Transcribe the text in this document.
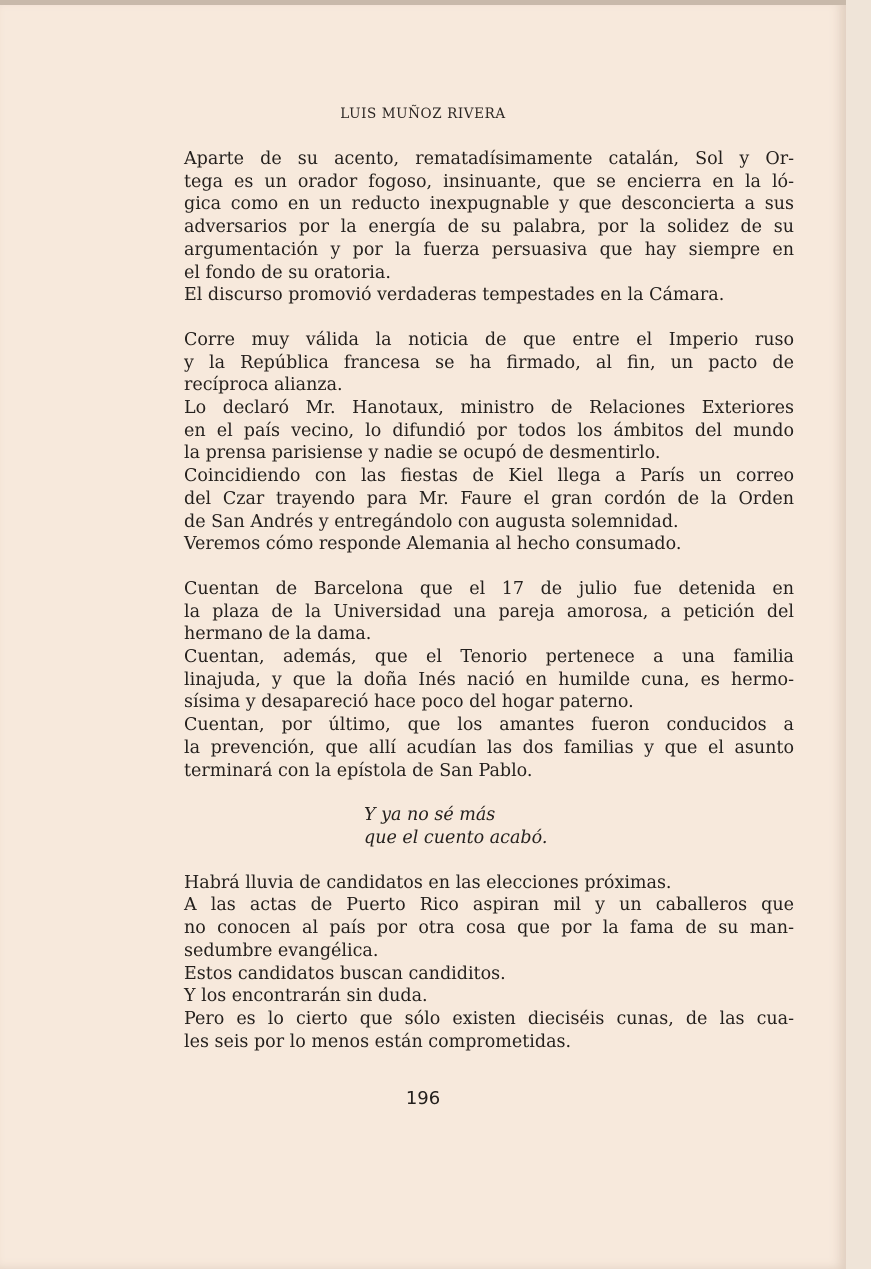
LUIS MUÑOZ RIVERA
Aparte de su acento, rematadísimamente catalán, Sol y Or-
tega es un orador fogoso, insinuante, que se encierra en la ló-
gica como en un reducto inexpugnable y que desconcierta a sus
adversarios por la energía de su palabra, por la solidez de su
argumentación y por la fuerza persuasiva que hay siempre en
el fondo de su oratoria.
El discurso promovió verdaderas tempestades en la Cámara.
Corre muy válida la noticia de que entre el Imperio ruso
y la República francesa se ha firmado, al fin, un pacto de
recíproca alianza.
Lo declaró Mr. Hanotaux, ministro de Relaciones Exteriores
en el país vecino, lo difundió por todos los ámbitos del mundo
la prensa parisiense y nadie se ocupó de desmentirlo.
Coincidiendo con las fiestas de Kiel llega a París un correo
del Czar trayendo para Mr. Faure el gran cordón de la Orden
de San Andrés y entregándolo con augusta solemnidad.
Veremos cómo responde Alemania al hecho consumado.
Cuentan de Barcelona que el 17 de julio fue detenida en
la plaza de la Universidad una pareja amorosa, a petición del
hermano de la dama.
Cuentan, además, que el Tenorio pertenece a una familia
linajuda, y que la doña Inés nació en humilde cuna, es hermo-
sísima y desapareció hace poco del hogar paterno.
Cuentan, por último, que los amantes fueron conducidos a
la prevención, que allí acudían las dos familias y que el asunto
terminará con la epístola de San Pablo.
Y ya no sé más
que el cuento acabó.
Habrá lluvia de candidatos en las elecciones próximas.
A las actas de Puerto Rico aspiran mil y un caballeros que
no conocen al país por otra cosa que por la fama de su man-
sedumbre evangélica.
Estos candidatos buscan candiditos.
Y los encontrarán sin duda.
Pero es lo cierto que sólo existen dieciséis cunas, de las cua-
les seis por lo menos están comprometidas.
196
